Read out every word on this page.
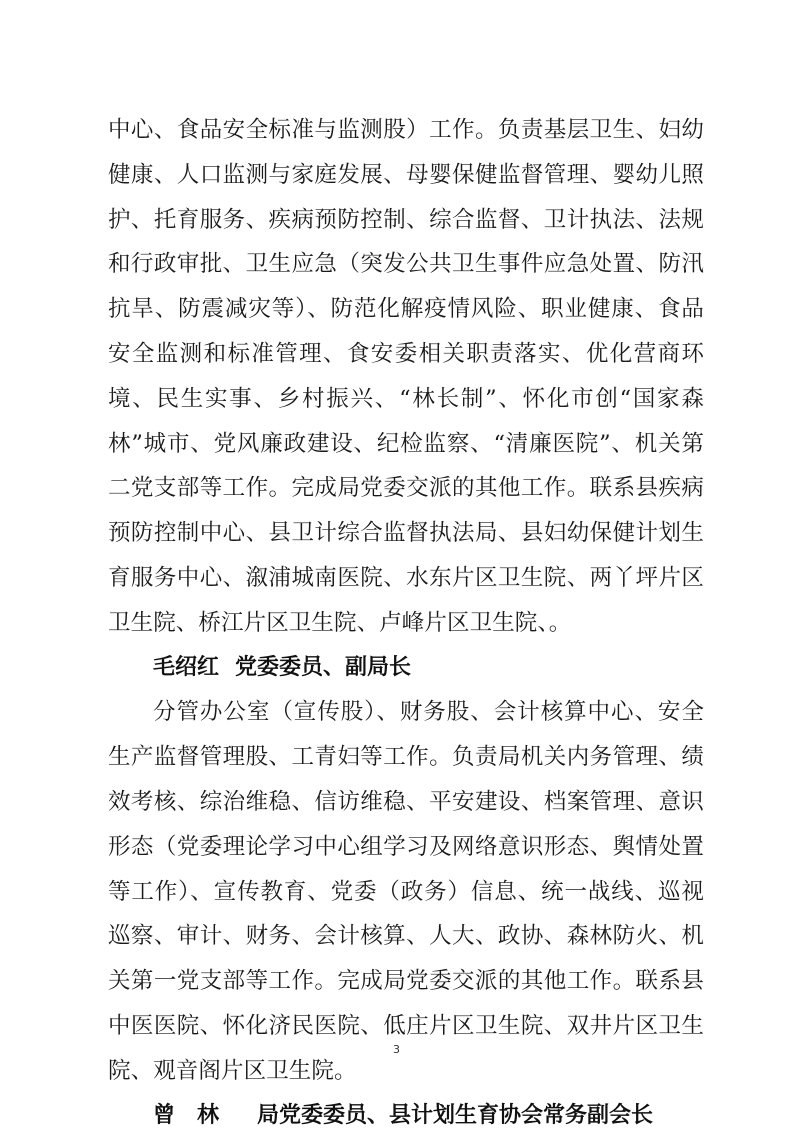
中心、食品安全标准与监测股）工作。负责基层卫生、妇幼健康、人口监测与家庭发展、母婴保健监督管理、婴幼儿照护、托育服务、疾病预防控制、综合监督、卫计执法、法规和行政审批、卫生应急（突发公共卫生事件应急处置、防汛抗旱、防震减灾等）、防范化解疫情风险、职业健康、食品安全监测和标准管理、食安委相关职责落实、优化营商环境、民生实事、乡村振兴、“林长制”、怀化市创“国家森林”城市、党风廉政建设、纪检监察、“清廉医院”、机关第二党支部等工作。完成局党委交派的其他工作。联系县疾病预防控制中心、县卫计综合监督执法局、县妇幼保健计划生育服务中心、溆浦城南医院、水东片区卫生院、两丫坪片区卫生院、桥江片区卫生院、卢峰片区卫生院、。

毛绍红 党委委员、副局长

分管办公室（宣传股）、财务股、会计核算中心、安全生产监督管理股、工青妇等工作。负责局机关内务管理、绩效考核、综治维稳、信访维稳、平安建设、档案管理、意识形态（党委理论学习中心组学习及网络意识形态、舆情处置等工作）、宣传教育、党委（政务）信息、统一战线、巡视巡察、审计、财务、会计核算、人大、政协、森林防火、机关第一党支部等工作。完成局党委交派的其他工作。联系县中医医院、怀化济民医院、低庄片区卫生院、双井片区卫生院、观音阁片区卫生院。

曾林 局党委委员、县计划生育协会常务副会长

3
